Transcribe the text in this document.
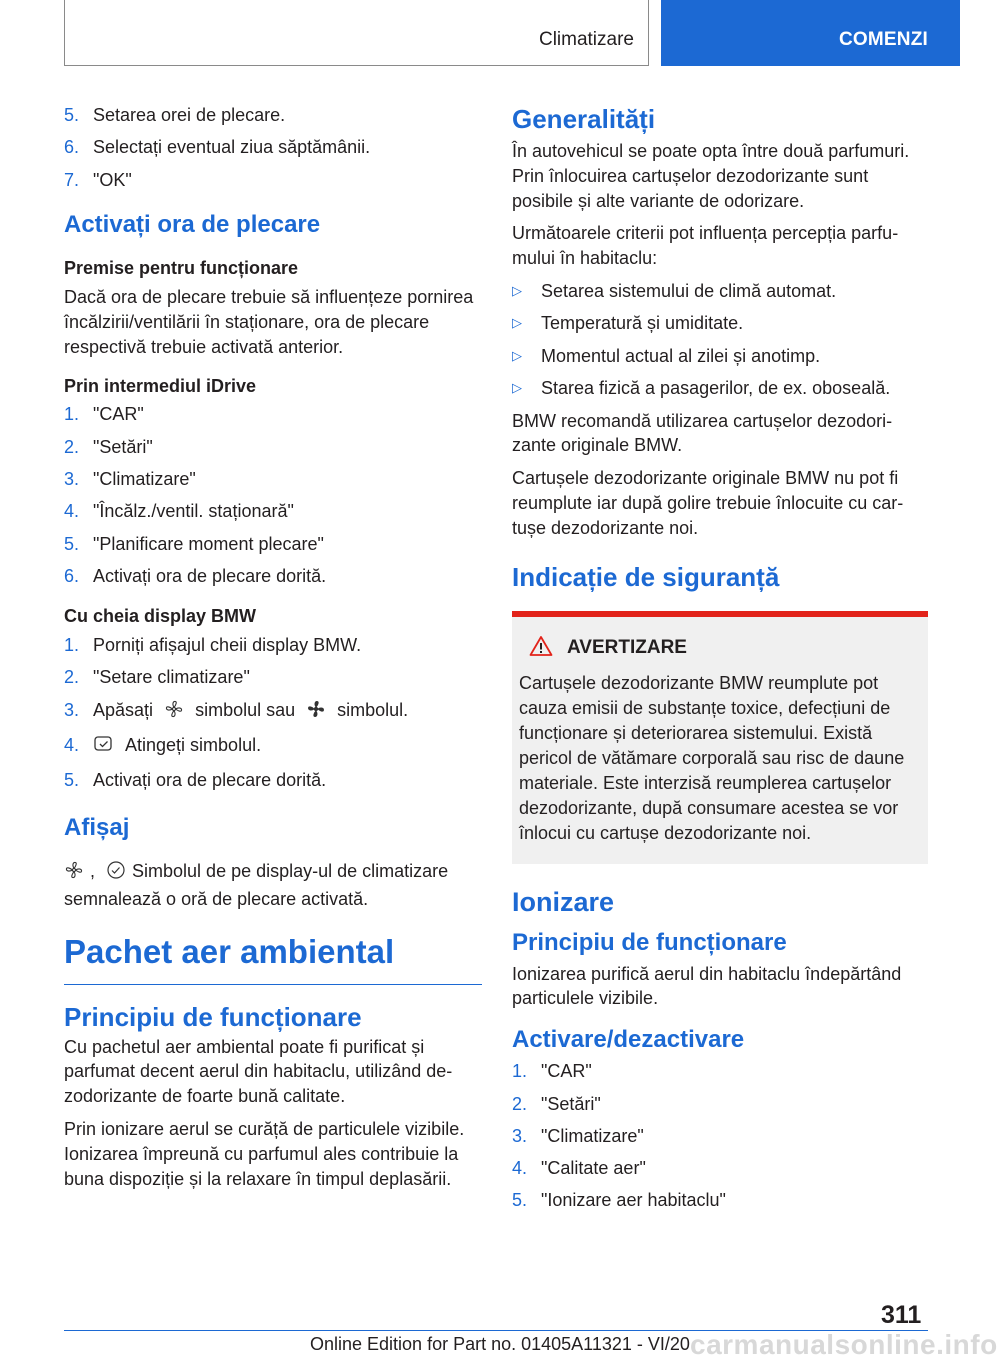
Climatizare	COMENZI
5. Setarea orei de plecare.
6. Selectați eventual ziua săptămânii.
7. "OK"
Activați ora de plecare
Premise pentru funcționare

Dacă ora de plecare trebuie să influențeze pornirea încălzirii/ventilării în staționare, ora de plecare respectivă trebuie activată anterior.

Prin intermediul iDrive
1. "CAR"
2. "Setări"
3. "Climatizare"
4. "Încălz./ventil. staționară"
5. "Planificare moment plecare"
6. Activați ora de plecare dorită.
Cu cheia display BMW
1. Porniți afișajul cheii display BMW.
2. "Setare climatizare"
3. Apăsați simbolul sau simbolul.
4.	Atingeți simbolul.
5. Activați ora de plecare dorită.
Afișaj

, Simbolul de pe display-ul de climatizare
semnalează o oră de plecare activată.

Pachet aer ambiental
Principiu de funcționare

Cu pachetul aer ambiental poate fi purificat și parfumat decent aerul din habitaclu, utilizând dezodorizante de foarte bună calitate.

Prin ionizare aerul se curăță de particulele vizibile. Ionizarea împreună cu parfumul ales contribuie la buna dispoziție și la relaxare în timpul deplasării.

Generalități

În autovehicul se poate opta între două parfumuri. Prin înlocuirea cartușelor dezodorizante sunt posibile și alte variante de odorizare.

Următoarele criterii pot influența percepția parfumului în habitaclu:

▷	Setarea sistemului de climă automat.
▷	Temperatură și umiditate.
▷	Momentul actual al zilei și anotimp.
▷	Starea fizică a pasagerilor, de ex. oboseală.

BMW recomandă utilizarea cartușelor dezodorizante originale BMW.

Cartușele dezodorizante originale BMW nu pot fi reumplute iar după golire trebuie înlocuite cu cartușe dezodorizante noi.

Indicație de siguranță
AVERTIZARE

Cartușele dezodorizante BMW reumplute pot cauza emisii de substanțe toxice, defecțiuni de funcționare și deteriorarea sistemului. Există pericol de vătămare corporală sau risc de daune materiale. Este interzisă reumplerea cartușelor dezodorizante, după consumare acestea se vor înlocui cu cartușe dezodorizante noi.

Ionizare
Principiu de funcționare

Ionizarea purifică aerul din habitaclu îndepărtând particulele vizibile.

Activare/dezactivare
1. "CAR"
2. "Setări"
3. "Climatizare"
4. "Calitate aer"
5. "Ionizare aer habitaclu"
311
Online Edition for Part no. 01405A11321 - VI/20 carmanualsonline.info
